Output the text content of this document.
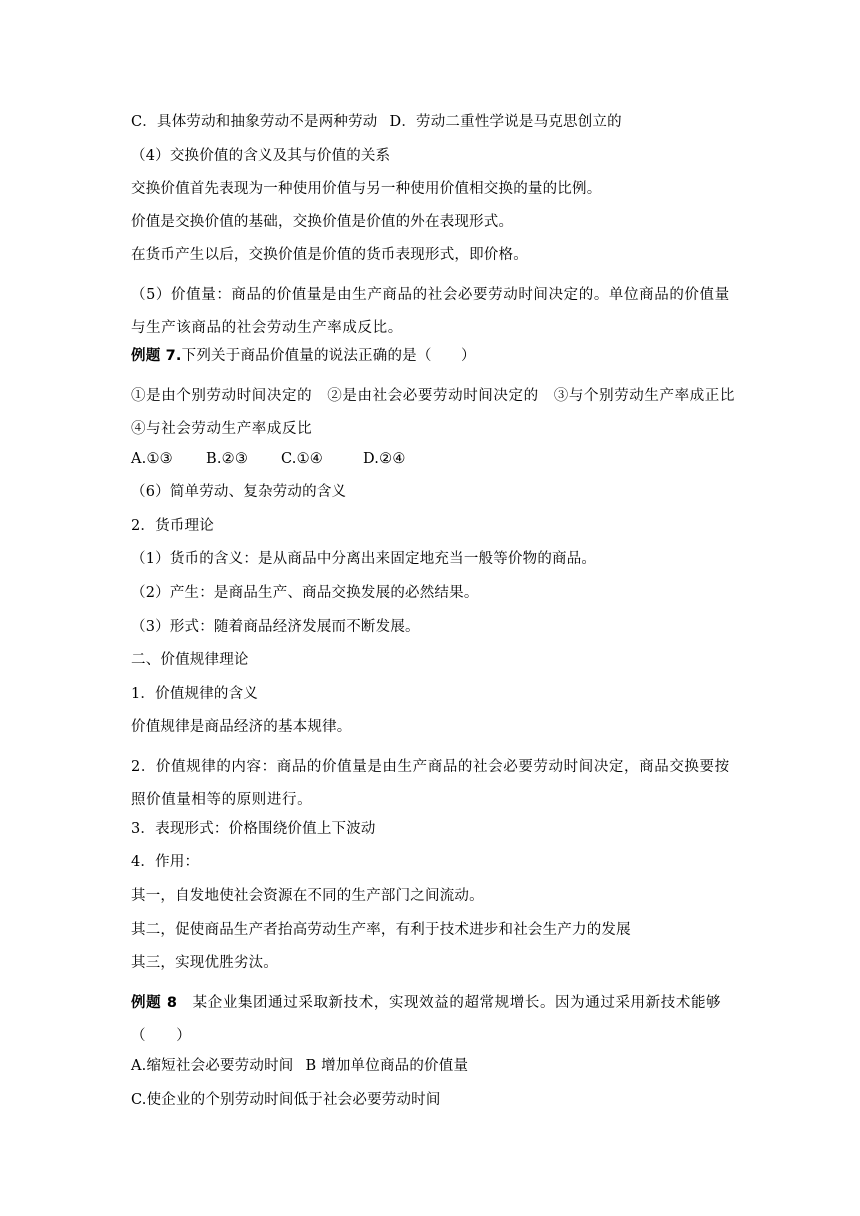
C．具体劳动和抽象劳动不是两种劳动 D．劳动二重性学说是马克思创立的
（4）交换价值的含义及其与价值的关系
交换价值首先表现为一种使用价值与另一种使用价值相交换的量的比例。
价值是交换价值的基础，交换价值是价值的外在表现形式。
在货币产生以后，交换价值是价值的货币表现形式，即价格。
（5）价值量：商品的价值量是由生产商品的社会必要劳动时间决定的。单位商品的价值量与生产该商品的社会劳动生产率成反比。
例题 7.下列关于商品价值量的说法正确的是（　　）
①是由个别劳动时间决定的　②是由社会必要劳动时间决定的　③与个别劳动生产率成正比　④与社会劳动生产率成反比
A.①③ B.②③ C.①④	D.②④
（6）简单劳动、复杂劳动的含义
2．货币理论
（1）货币的含义：是从商品中分离出来固定地充当一般等价物的商品。
（2）产生：是商品生产、商品交换发展的必然结果。
（3）形式：随着商品经济发展而不断发展。
二、价值规律理论
1．价值规律的含义
价值规律是商品经济的基本规律。
2．价值规律的内容：商品的价值量是由生产商品的社会必要劳动时间决定，商品交换要按照价值量相等的原则进行。
3．表现形式：价格围绕价值上下波动
4．作用：
其一，自发地使社会资源在不同的生产部门之间流动。
其二，促使商品生产者抬高劳动生产率，有利于技术进步和社会生产力的发展
其三，实现优胜劣汰。
例题 8　某企业集团通过采取新技术，实现效益的超常规增长。因为通过采用新技术能够（　　）
A.缩短社会必要劳动时间 B 增加单位商品的价值量
C.使企业的个别劳动时间低于社会必要劳动时间
